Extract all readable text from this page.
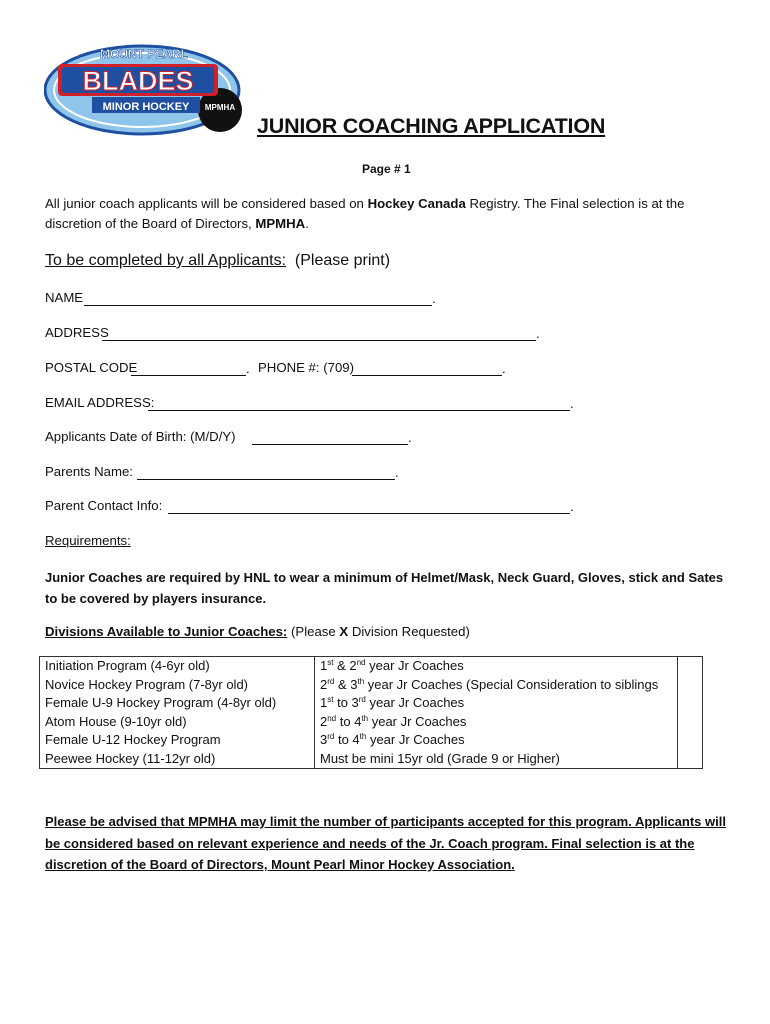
BLADES
MOUNT PEARL
MINOR HOCKEY MPMHA
JUNIOR COACHING APPLICATION
Page # 1
All junior coach applicants will be considered based on Hockey Canada Registry. The Final selection is at the discretion of the Board of Directors, MPMHA.
To be completed by all Applicants: (Please print)
NAME	.
ADDRESS	.
POSTAL CODE	. PHONE #: (709)	.
EMAIL ADDRESS:	.
Applicants Date of Birth: (M/D/Y)	.
Parents Name:	.
Parent Contact Info:	.
Requirements:
Junior Coaches are required by HNL to wear a minimum of Helmet/Mask, Neck Guard, Gloves, stick and Sates to be covered by players insurance.
Divisions Available to Junior Coaches: (Please X Division Requested)
Initiation Program (4-6yr old)	1st & 2nd year Jr Coaches	
Novice Hockey Program (7-8yr old)	2rd & 3th year Jr Coaches (Special Consideration to siblings	
Female U-9 Hockey Program (4-8yr old)	1st to 3rd year Jr Coaches	
Atom House (9-10yr old)	2nd to 4th year Jr Coaches	
Female U-12 Hockey Program	3rd to 4th year Jr Coaches	
Peewee Hockey (11-12yr old)	Must be mini 15yr old (Grade 9 or Higher)	
Please be advised that MPMHA may limit the number of participants accepted for this program. Applicants will be considered based on relevant experience and needs of the Jr. Coach program. Final selection is at the discretion of the Board of Directors, Mount Pearl Minor Hockey Association.
